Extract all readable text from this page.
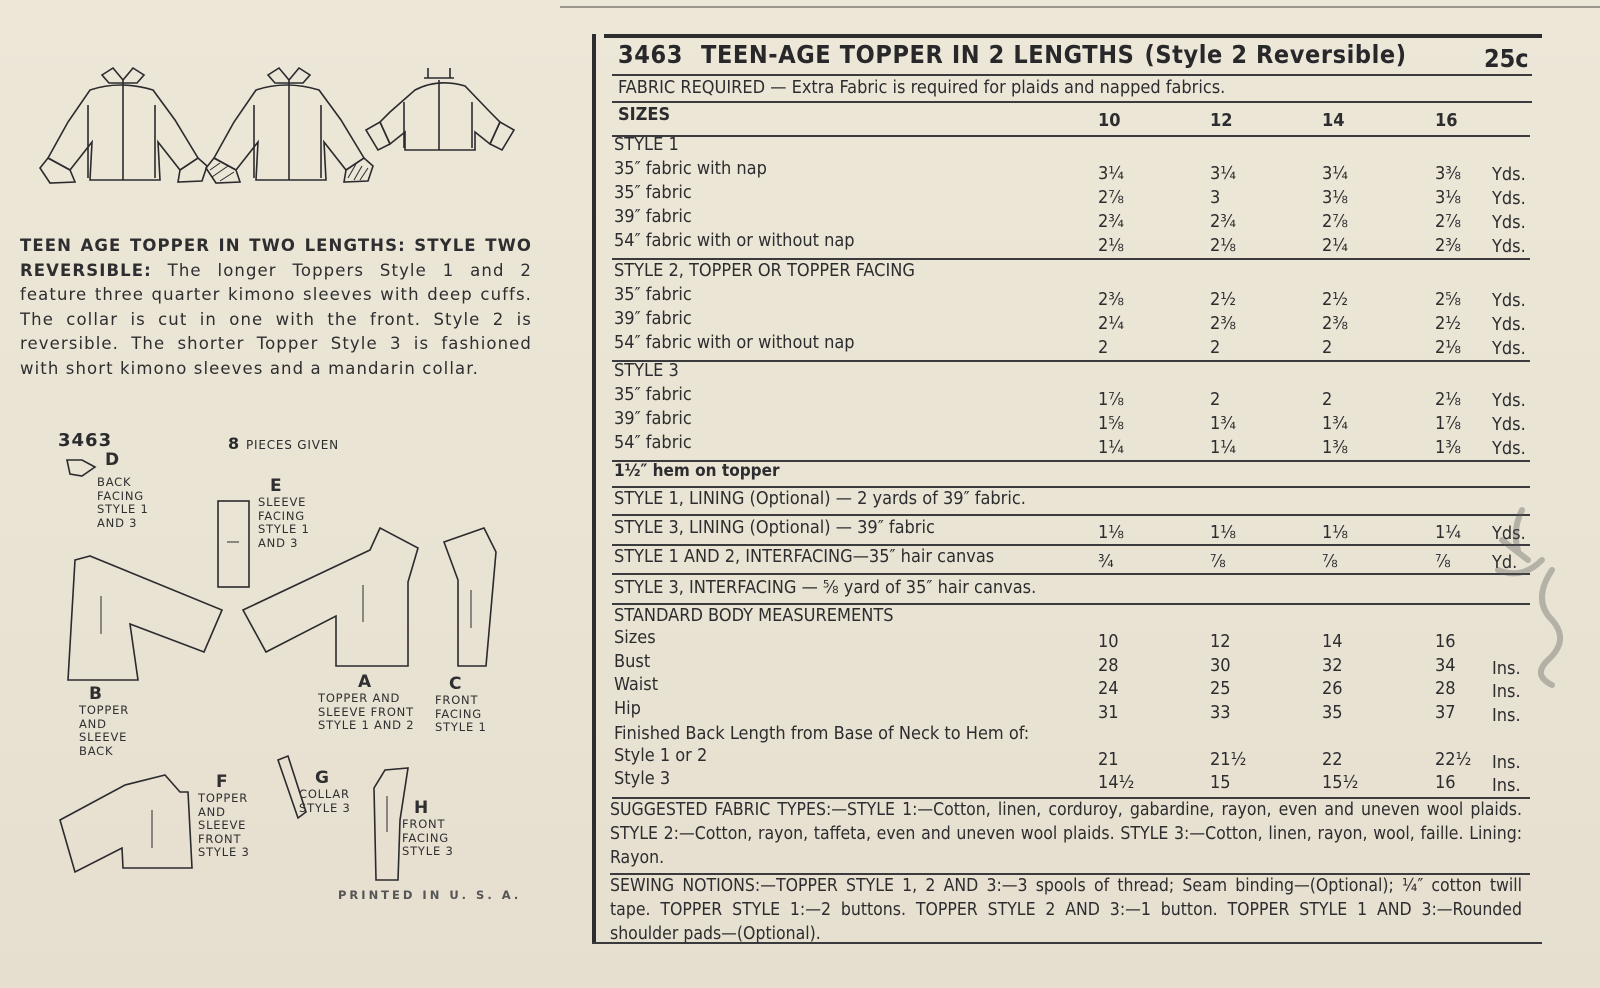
TEEN AGE TOPPER IN TWO LENGTHS: STYLE TWO REVERSIBLE: The longer Toppers Style 1 and 2 feature three quarter kimono sleeves with deep cuffs. The collar is cut in one with the front. Style 2 is reversible. The shorter Topper Style 3 is fashioned with short kimono sleeves and a mandarin collar.
3463	8 PIECES GIVEN
D
BACK
FACING
STYLE 1
AND 3
E
SLEEVE
FACING
STYLE 1
AND 3
B
TOPPER
AND
SLEEVE
BACK
A
TOPPER AND
SLEEVE FRONT
STYLE 1 AND 2
C
FRONT
FACING
STYLE 1
F
TOPPER
AND
SLEEVE
FRONT
STYLE 3
G
COLLAR
STYLE 3	H
FRONT
FACING
STYLE 3
PRINTED IN U. S. A.
3463 TEEN-AGE TOPPER IN 2 LENGTHS (Style 2 Reversible)	25c
FABRIC REQUIRED — Extra Fabric is required for plaids and napped fabrics.
SIZES	10	12	14	16
STYLE 1
35″ fabric with nap	3¼	3¼	3¼	3⅜ Yds.
35″ fabric	2⅞	3	3⅛	3⅛ Yds.
39″ fabric	2¾	2¾	2⅞	2⅞ Yds.
54″ fabric with or without nap	2⅛	2⅛	2¼	2⅜ Yds.
STYLE 2, TOPPER OR TOPPER FACING
35″ fabric	2⅜	2½	2½	2⅝ Yds.
39″ fabric	2¼	2⅜	2⅜	2½ Yds.
54″ fabric with or without nap	2	2	2	2⅛ Yds.
STYLE 3
35″ fabric	1⅞	2	2	2⅛ Yds.
39″ fabric	1⅝	1¾	1¾	1⅞ Yds.
54″ fabric	1¼	1¼	1⅜	1⅜ Yds.
1½″ hem on topper
STYLE 1, LINING (Optional) — 2 yards of 39″ fabric.
STYLE 3, LINING (Optional) — 39″ fabric	1⅛	1⅛	1⅛	1¼ Yds.
STYLE 1 AND 2, INTERFACING—35″ hair canvas	¾	⅞	⅞	⅞ Yd.
STYLE 3, INTERFACING — ⅝ yard of 35″ hair canvas.
STANDARD BODY MEASUREMENTS
Sizes	10	12	14	16
Bust	28	30	32	34 Ins.
Waist	24	25	26	28 Ins.
Hip	31	33	35	37 Ins.
Finished Back Length from Base of Neck to Hem of:
Style 1 or 2	21	21½	22	22½ Ins.
Style 3	14½	15	15½	16 Ins.
SUGGESTED FABRIC TYPES:—STYLE 1:—Cotton, linen, corduroy, gabardine, rayon, even and uneven wool plaids. STYLE 2:—Cotton, rayon, taffeta, even and uneven wool plaids. STYLE 3:—Cotton, linen, rayon, wool, faille. Lining: Rayon.
SEWING NOTIONS:—TOPPER STYLE 1, 2 AND 3:—3 spools of thread; Seam binding—(Optional); ¼″ cotton twill tape. TOPPER STYLE 1:—2 buttons. TOPPER STYLE 2 AND 3:—1 button. TOPPER STYLE 1 AND 3:—Rounded shoulder pads—(Optional).
